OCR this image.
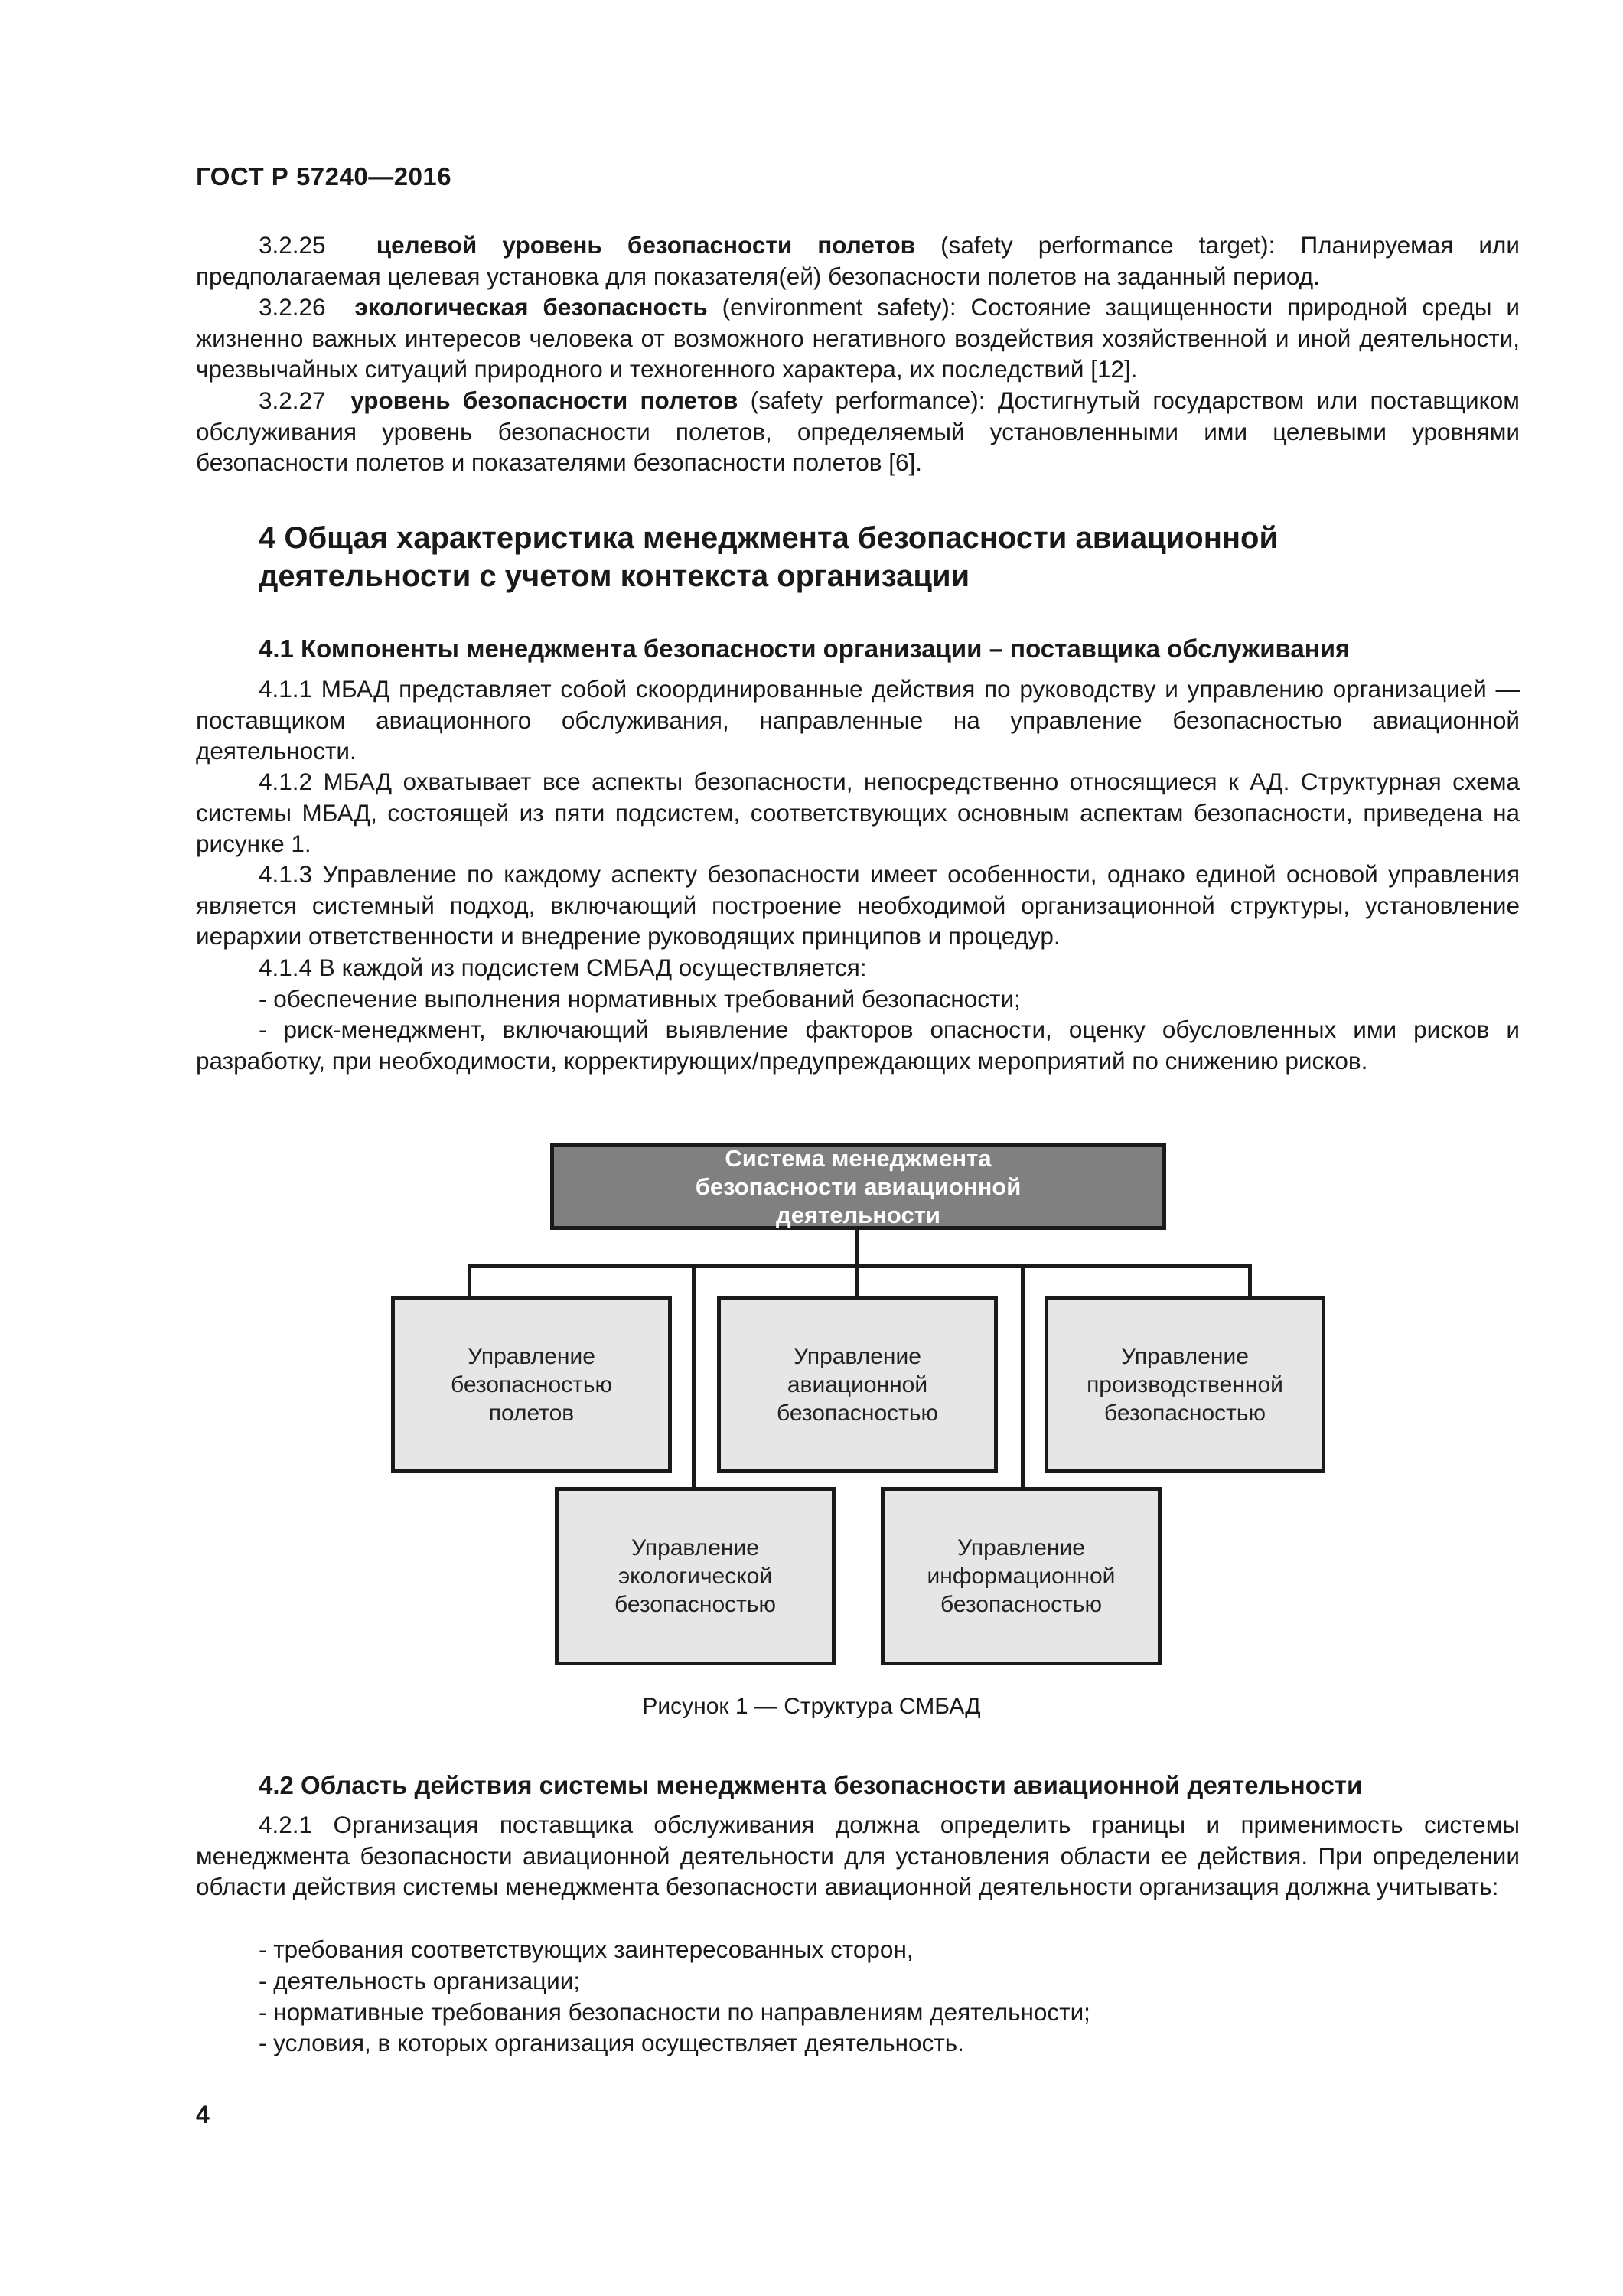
ГОСТ Р 57240—2016
3.2.25 целевой уровень безопасности полетов (safety performance target): Планируемая или предполагаемая целевая установка для показателя(ей) безопасности полетов на заданный период.
3.2.26 экологическая безопасность (environment safety): Состояние защищенности природной среды и жизненно важных интересов человека от возможного негативного воздействия хозяйственной и иной деятельности, чрезвычайных ситуаций природного и техногенного характера, их последствий [12].
3.2.27 уровень безопасности полетов (safety performance): Достигнутый государством или поставщиком обслуживания уровень безопасности полетов, определяемый установленными ими целевыми уровнями безопасности полетов и показателями безопасности полетов [6].
4 Общая характеристика менеджмента безопасности авиационной
деятельности с учетом контекста организации
4.1 Компоненты менеджмента безопасности организации – поставщика обслуживания
4.1.1 МБАД представляет собой скоординированные действия по руководству и управлению организацией — поставщиком авиационного обслуживания, направленные на управление безопасностью авиационной деятельности.
4.1.2 МБАД охватывает все аспекты безопасности, непосредственно относящиеся к АД. Структурная схема системы МБАД, состоящей из пяти подсистем, соответствующих основным аспектам безопасности, приведена на рисунке 1.
4.1.3 Управление по каждому аспекту безопасности имеет особенности, однако единой основой управления является системный подход, включающий построение необходимой организационной структуры, установление иерархии ответственности и внедрение руководящих принципов и процедур.
4.1.4 В каждой из подсистем СМБАД осуществляется:
- обеспечение выполнения нормативных требований безопасности;
- риск-менеджмент, включающий выявление факторов опасности, оценку обусловленных ими рисков и разработку, при необходимости, корректирующих/предупреждающих мероприятий по снижению рисков.
Система менеджмента безопасности авиационной деятельности
Управление безопасностью полетов
Управление авиационной безопасностью
Управление производственной безопасностью
Управление экологической безопасностью
Управление информационной безопасностью
Рисунок 1 — Структура СМБАД
4.2 Область действия системы менеджмента безопасности авиационной деятельности
4.2.1 Организация поставщика обслуживания должна определить границы и применимость системы менеджмента безопасности авиационной деятельности для установления области ее действия. При определении области действия системы менеджмента безопасности авиационной деятельности организация должна учитывать:
- требования соответствующих заинтересованных сторон,
- деятельность организации;
- нормативные требования безопасности по направлениям деятельности;
- условия, в которых организация осуществляет деятельность.
4
